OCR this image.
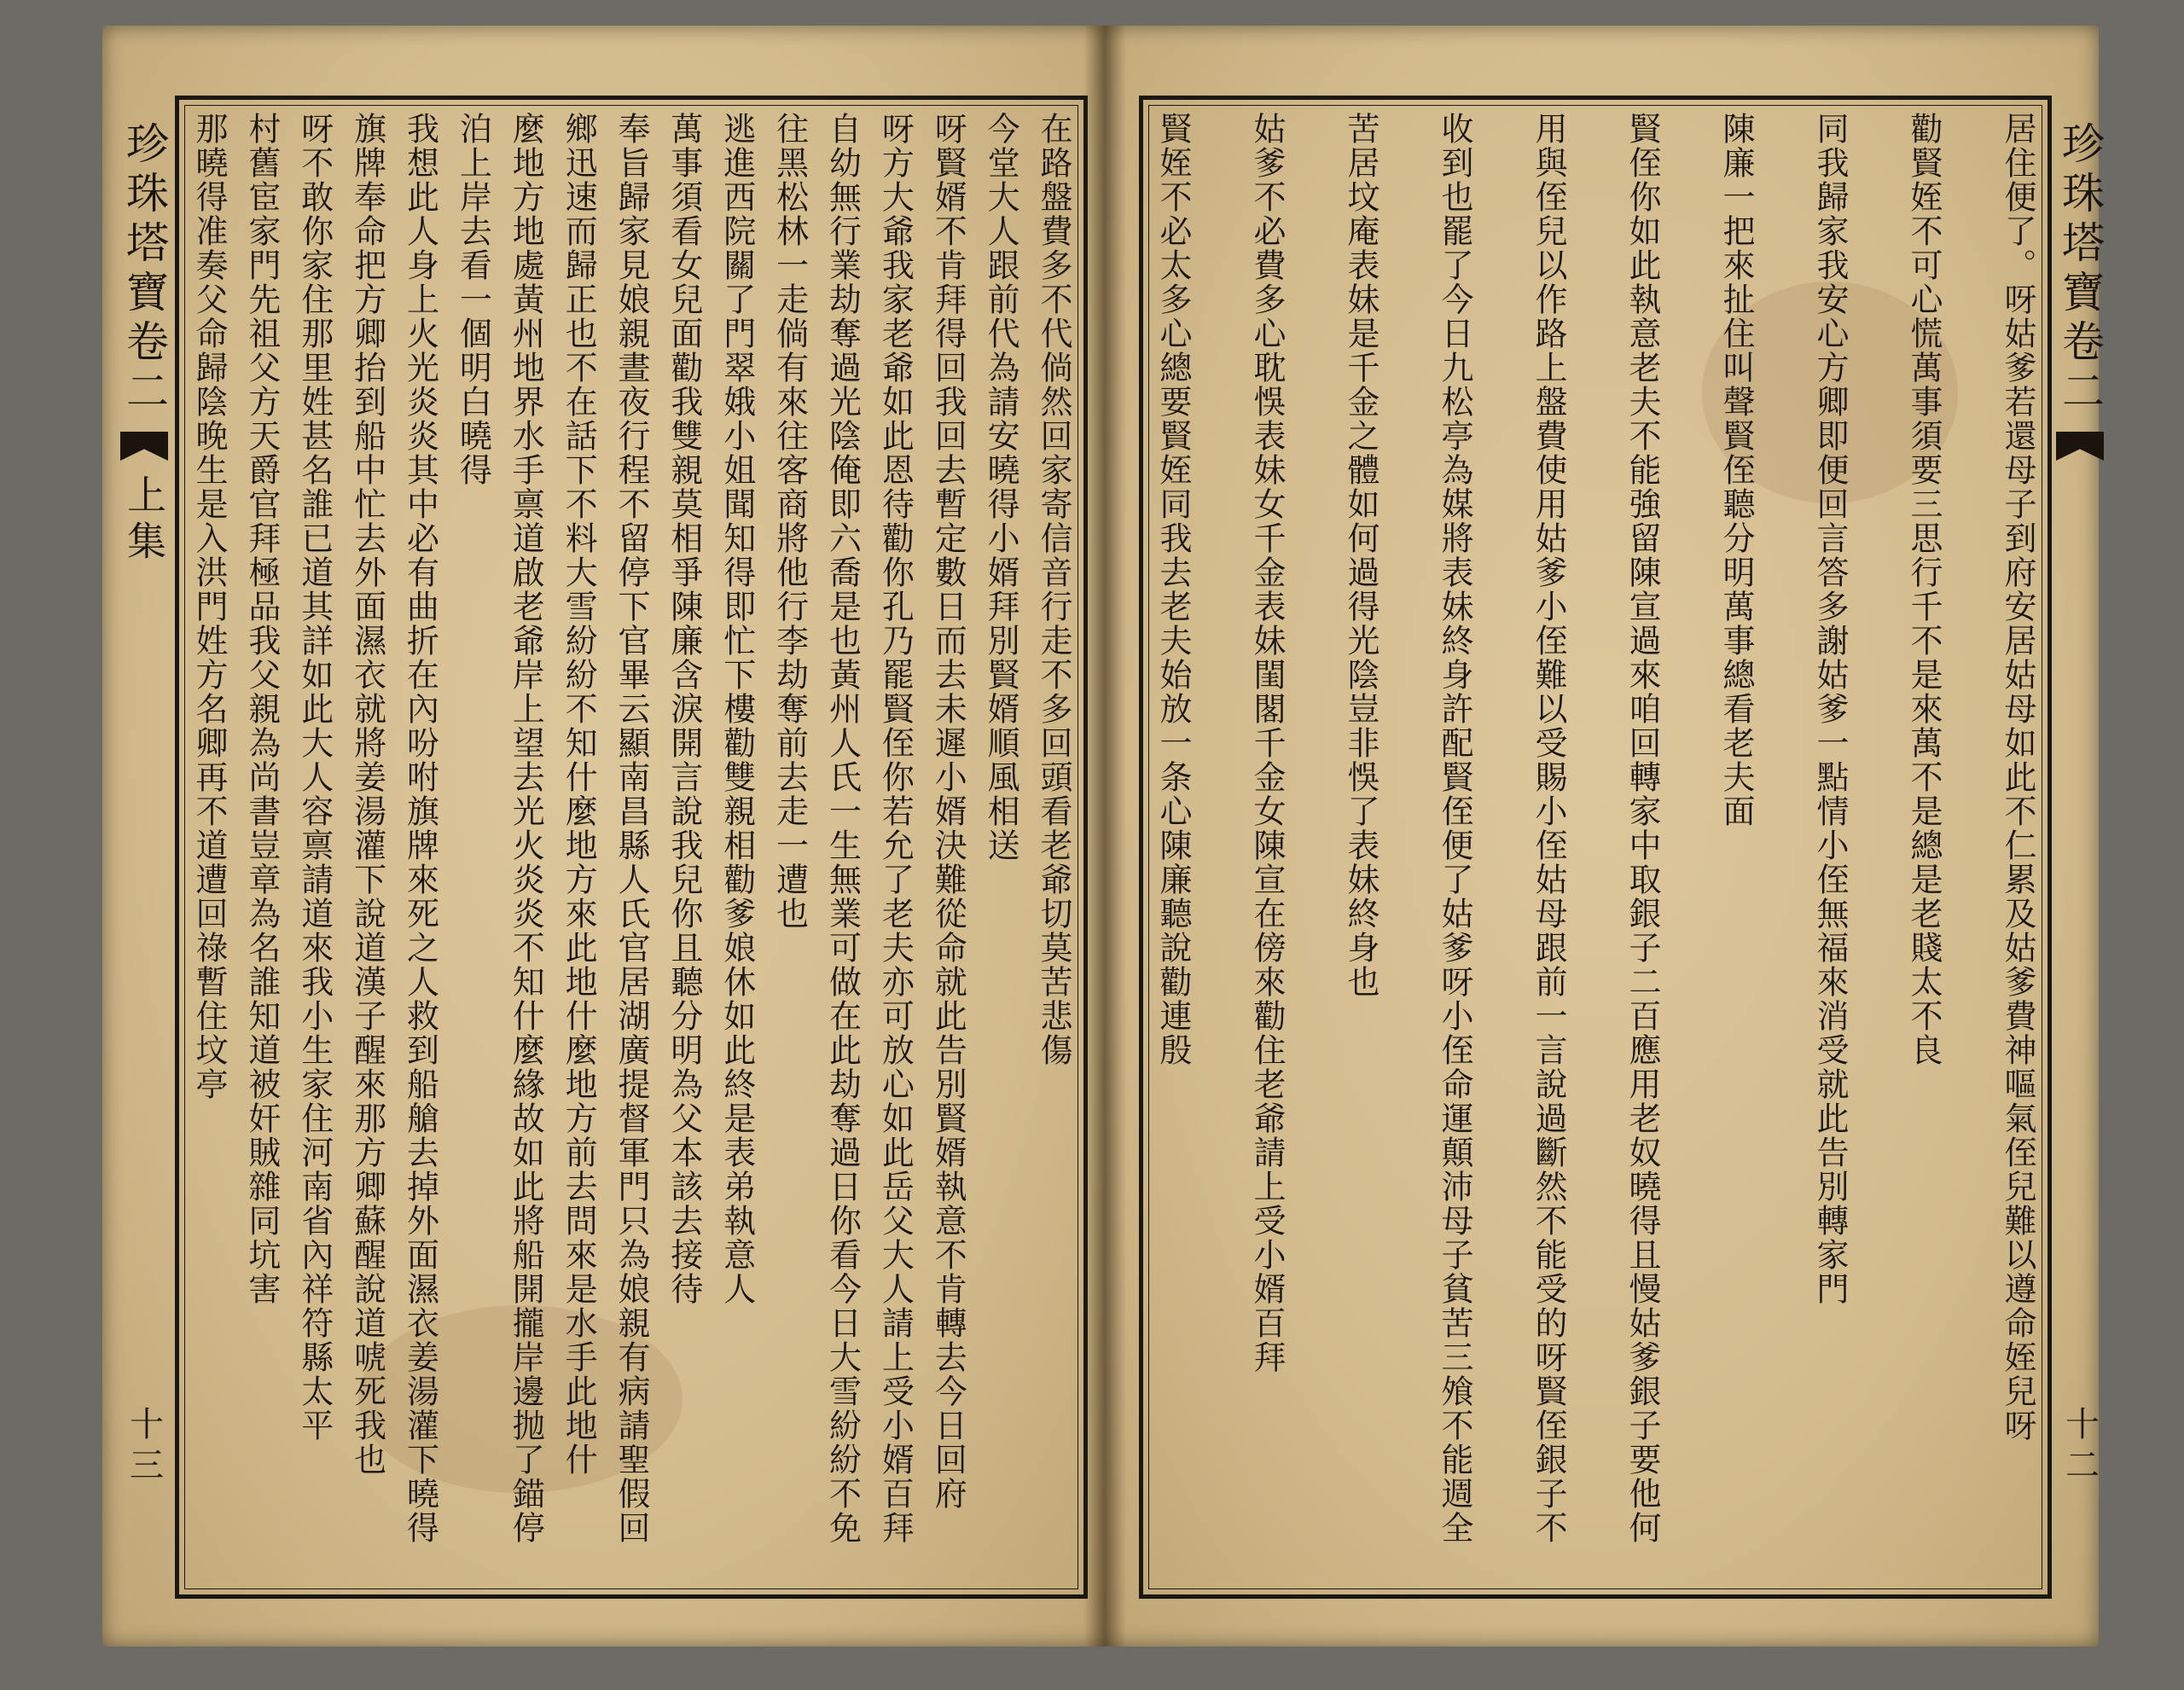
珍珠塔寶卷二
上集
十三
在路盤費多不代倘然回家寄信音行走不多回頭看老爺切莫苦悲傷
今堂大人跟前代為請安曉得小婿拜別賢婿順風相送
呀賢婿不肯拜得回我回去暫定數日而去未遲小婿決難從命就此告別賢婿執意不肯轉去今日回府
呀方大爺我家老爺如此恩待勸你孔乃罷賢侄你若允了老夫亦可放心如此岳父大人請上受小婿百拜
自幼無行業劫奪過光陰俺即六喬是也黃州人氏一生無業可做在此劫奪過日你看今日大雪紛紛不免
往黑松林一走倘有來往客商將他行李劫奪前去走一遭也
逃進西院關了門翠娥小姐聞知得即忙下樓勸雙親相勸爹娘休如此終是表弟執意人
萬事須看女兒面勸我雙親莫相爭陳廉含淚開言說我兒你且聽分明為父本該去接待
奉旨歸家見娘親晝夜行程不留停下官畢云顯南昌縣人氏官居湖廣提督軍門只為娘親有病請聖假回
鄉迅速而歸正也不在話下不料大雪紛紛不知什麼地方來此地什麼地方前去問來是水手此地什
麼地方地處黃州地界水手禀道啟老爺岸上望去光火炎炎不知什麼緣故如此將船開攏岸邊抛了錨停
泊上岸去看一個明白曉得
我想此人身上火光炎炎其中必有曲折在內吩咐旗牌來死之人救到船艙去掉外面濕衣姜湯灌下曉得
旗牌奉命把方卿抬到船中忙去外面濕衣就將姜湯灌下說道漢子醒來那方卿蘇醒說道唬死我也
呀不敢你家住那里姓甚名誰已道其詳如此大人容禀請道來我小生家住河南省內祥符縣太平
村舊宦家門先祖父方天爵官拜極品我父親為尚書豈章為名誰知道被奸賊雜同坑害
那曉得准奏父命歸陰晚生是入洪門姓方名卿再不道遭回祿暫住坟亭	居住便了。呀姑爹若還母子到府安居姑母如此不仁累及姑爹費神嘔氣侄兒難以遵命姪兒呀
勸賢姪不可心慌萬事須要三思行千不是來萬不是總是老賤太不良
同我歸家我安心方卿即便回言答多謝姑爹一點情小侄無福來消受就此告別轉家門
陳廉一把來扯住叫聲賢侄聽分明萬事總看老夫面
賢侄你如此執意老夫不能強留陳宣過來咱回轉家中取銀子二百應用老奴曉得且慢姑爹銀子要他何
用與侄兒以作路上盤費使用姑爹小侄難以受賜小侄姑母跟前一言說過斷然不能受的呀賢侄銀子不
收到也罷了今日九松亭為媒將表妹終身許配賢侄便了姑爹呀小侄命運顛沛母子貧苦三飧不能週全
苦居坟庵表妹是千金之體如何過得光陰豈非悞了表妹終身也
姑爹不必費多心耽悞表妹女千金表妹閨閣千金女陳宣在傍來勸住老爺請上受小婿百拜
賢姪不必太多心總要賢姪同我去老夫始放一条心陳廉聽說勸連殷	珍珠塔寶卷二
十二
